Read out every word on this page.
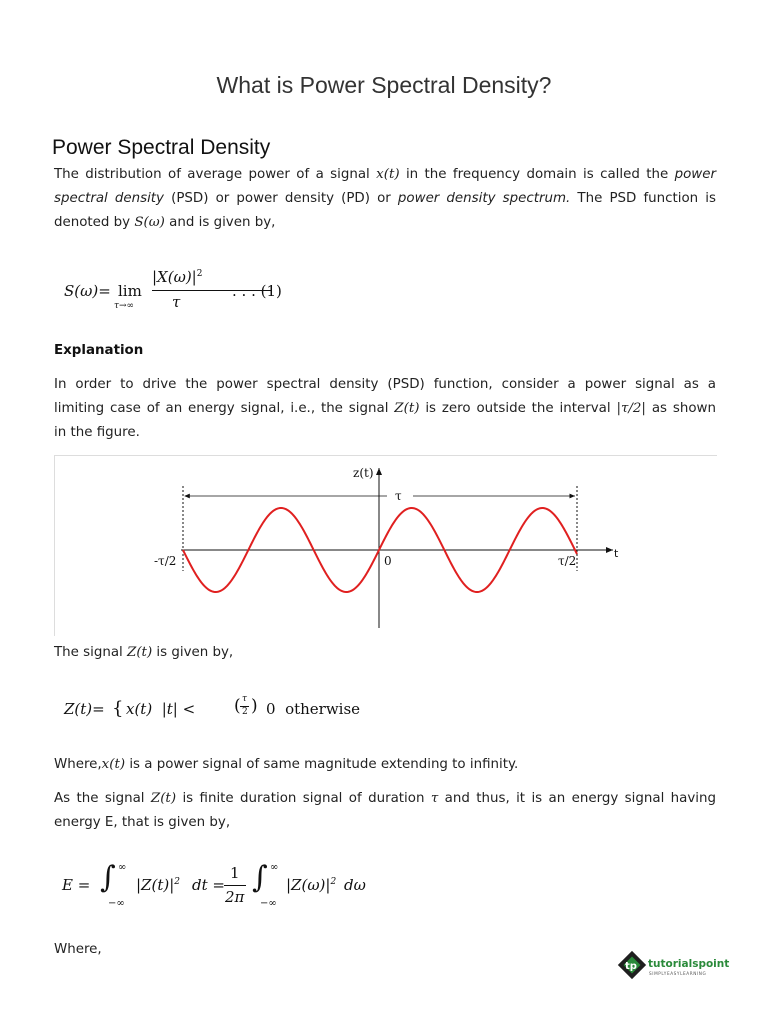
What is Power Spectral Density?
Power Spectral Density
The distribution of average power of a signal x(t) in the frequency domain is called the power
spectral density (PSD) or power density (PD) or power density spectrum. The PSD function is
denoted by S(ω) and is given by,
S(ω)= lim
τ→∞
$|X(\omega)|^2$
τ
. . . (1)
Explanation
In order to drive the power spectral density (PSD) function, consider a power signal as a
limiting case of an energy signal, i.e., the signal Z(t) is zero outside the interval |τ/2| as shown
in the figure.
z(t)
τ
t
-τ/2	0	τ/2
The signal Z(t) is given by,
Z(t)= { x(t)  |t| < ( τ
2 ) 0  otherwise
Where,x(t) is a power signal of same magnitude extending to infinity.
As the signal Z(t) is finite duration signal of duration τ and thus, it is an energy signal having
energy E, that is given by,
E = ∫ ∞
−∞
$|Z(t)|^2$ dt =
1
2π
∫ ∞
−∞
$|Z(\omega)|^2$ dω
Where,
tp tutorialspoint
SIMPLYEASYLEARNING
